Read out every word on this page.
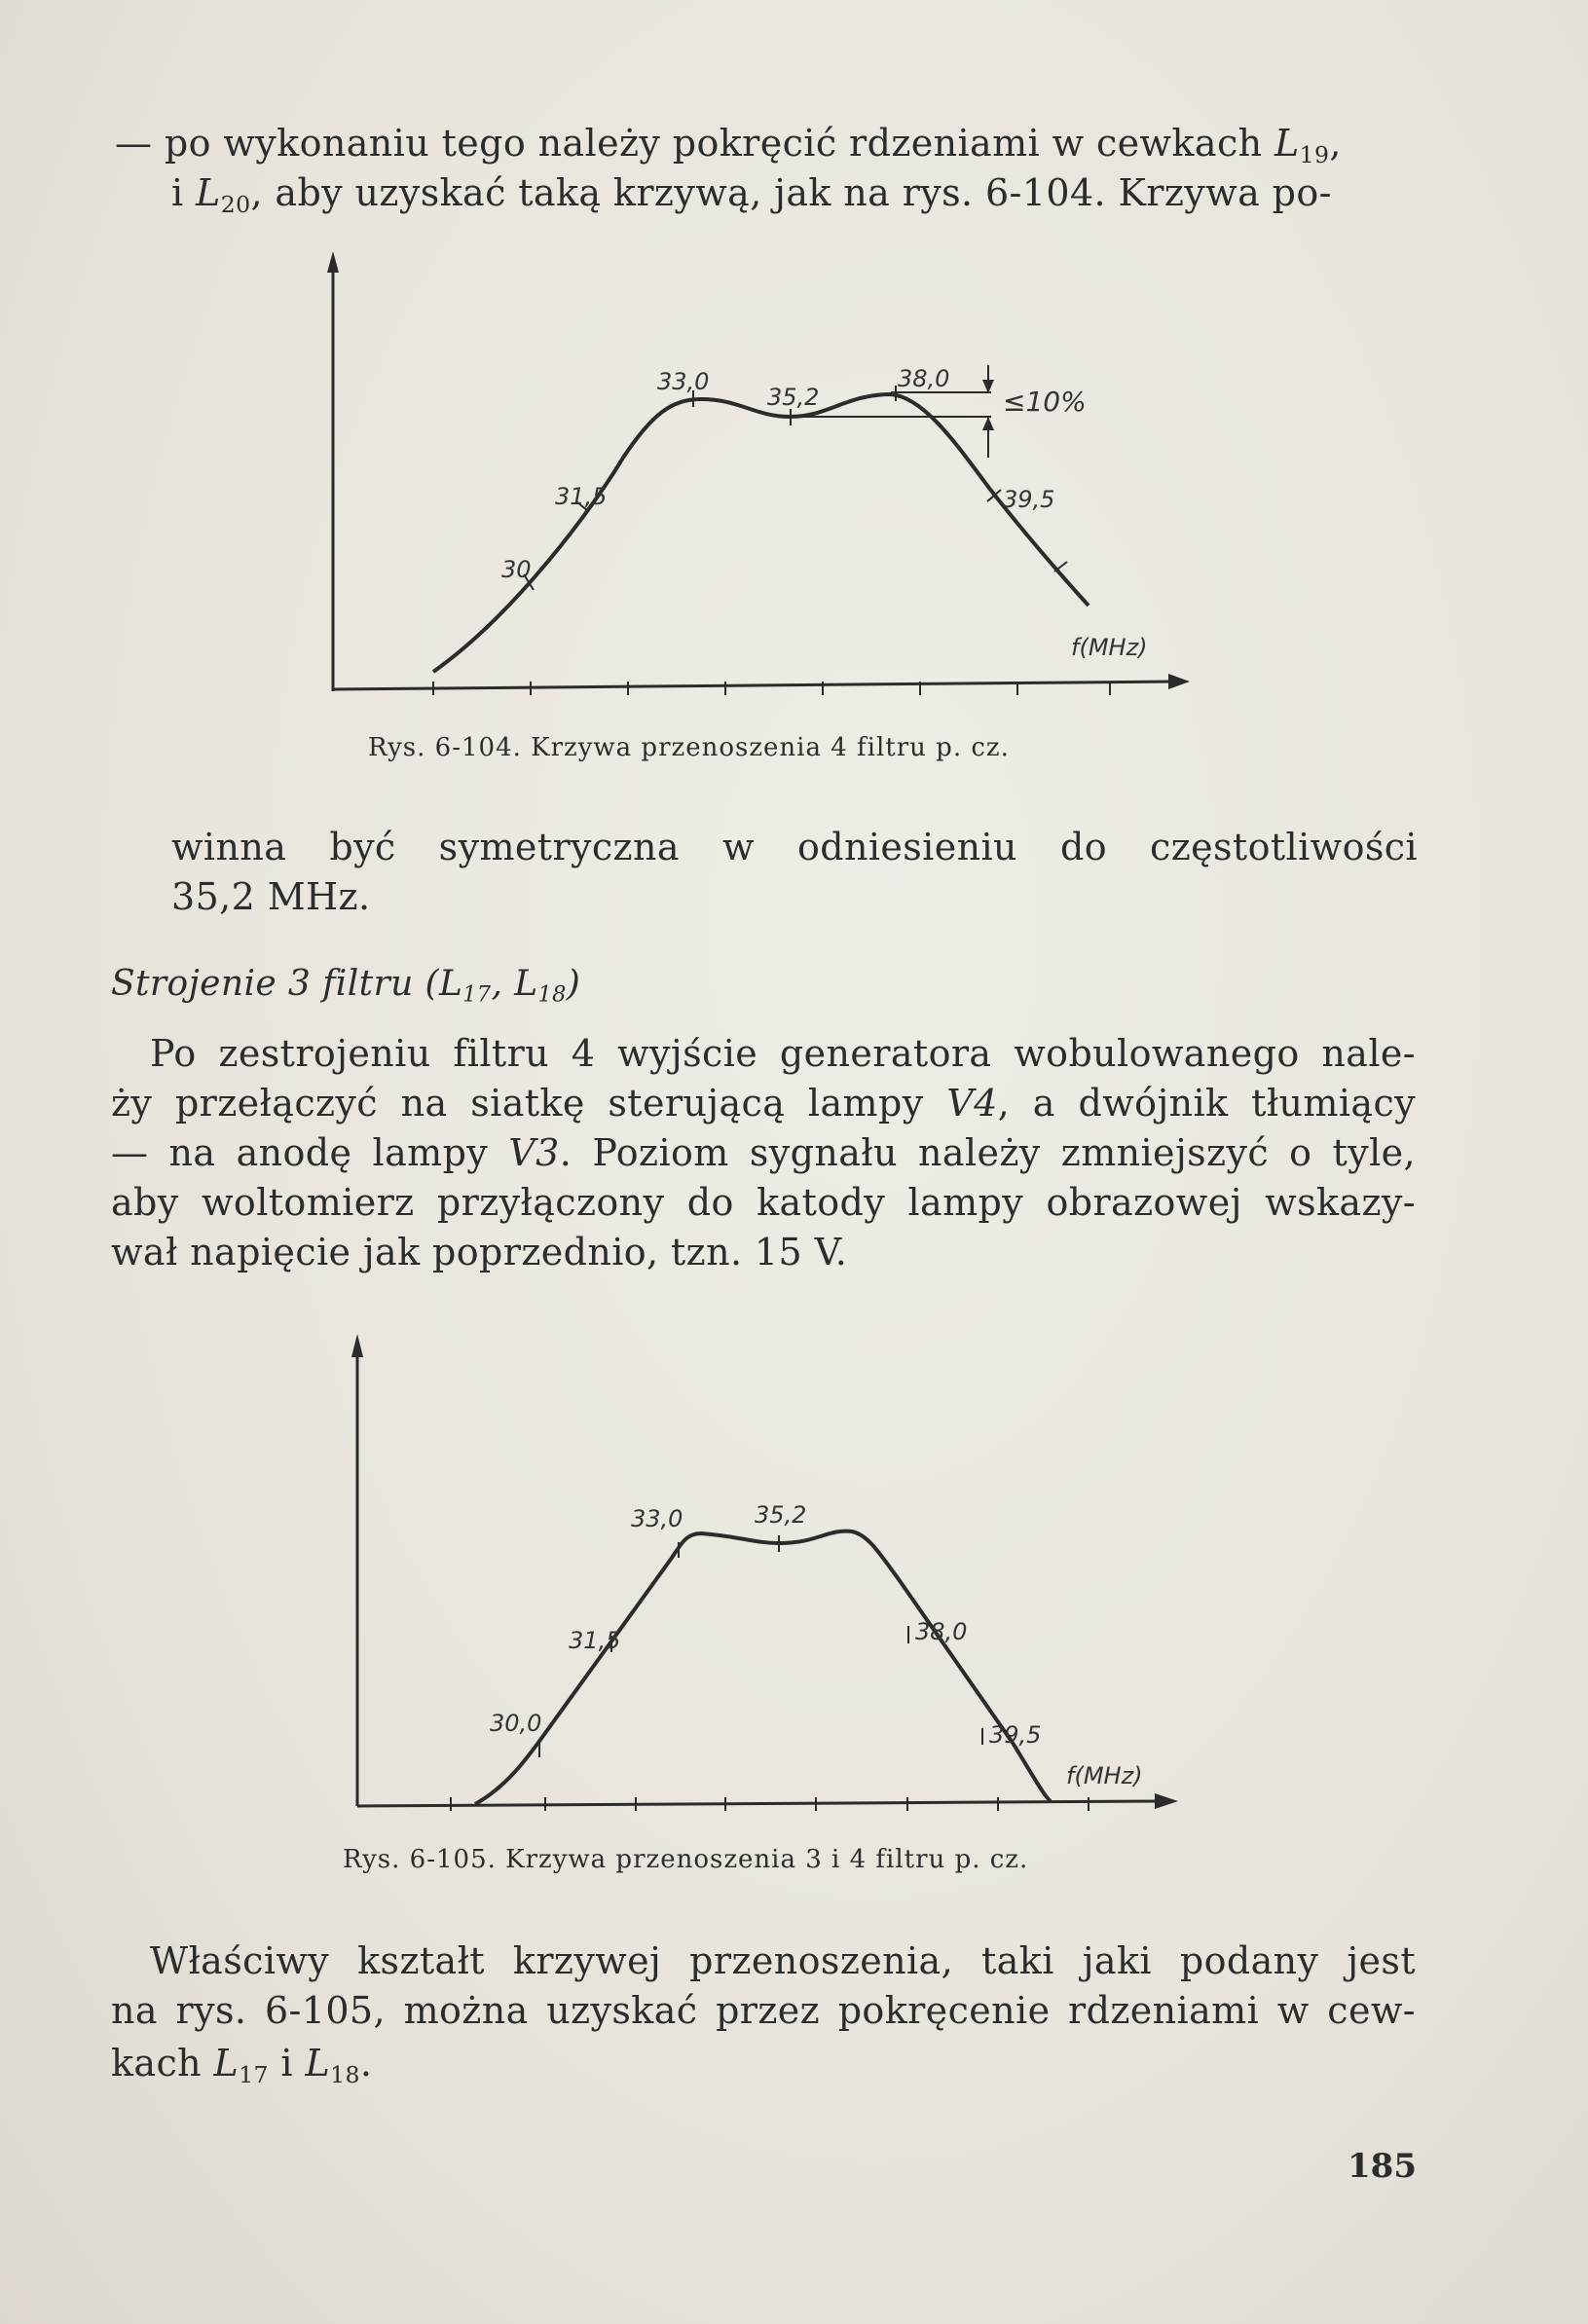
— po wykonaniu tego należy pokręcić rdzeniami w cewkach $L_{19}$,
i $L_{20}$, aby uzyskać taką krzywą, jak na rys. 6-104. Krzywa po-
30
31,5
33,0
35,2
38,0
39,5
≤10%
f(MHz)
Rys. 6-104. Krzywa przenoszenia 4 filtru p. cz.
winna być symetryczna w odniesieniu do częstotliwości
35,2 MHz.
Strojenie 3 filtru ($L_{17}$, $L_{18}$)
Po zestrojeniu filtru 4 wyjście generatora wobulowanego nale-
ży przełączyć na siatkę sterującą lampy V4, a dwójnik tłumiący
— na anodę lampy V3. Poziom sygnału należy zmniejszyć o tyle,
aby woltomierz przyłączony do katody lampy obrazowej wskazy-
wał napięcie jak poprzednio, tzn. 15 V.
30,0
31,5
33,0	35,2
38,0
39,5
f(MHz)
Rys. 6-105. Krzywa przenoszenia 3 i 4 filtru p. cz.
Właściwy kształt krzywej przenoszenia, taki jaki podany jest
na rys. 6-105, można uzyskać przez pokręcenie rdzeniami w cew-
kach $L_{17}$ i $L_{18}$.
185
